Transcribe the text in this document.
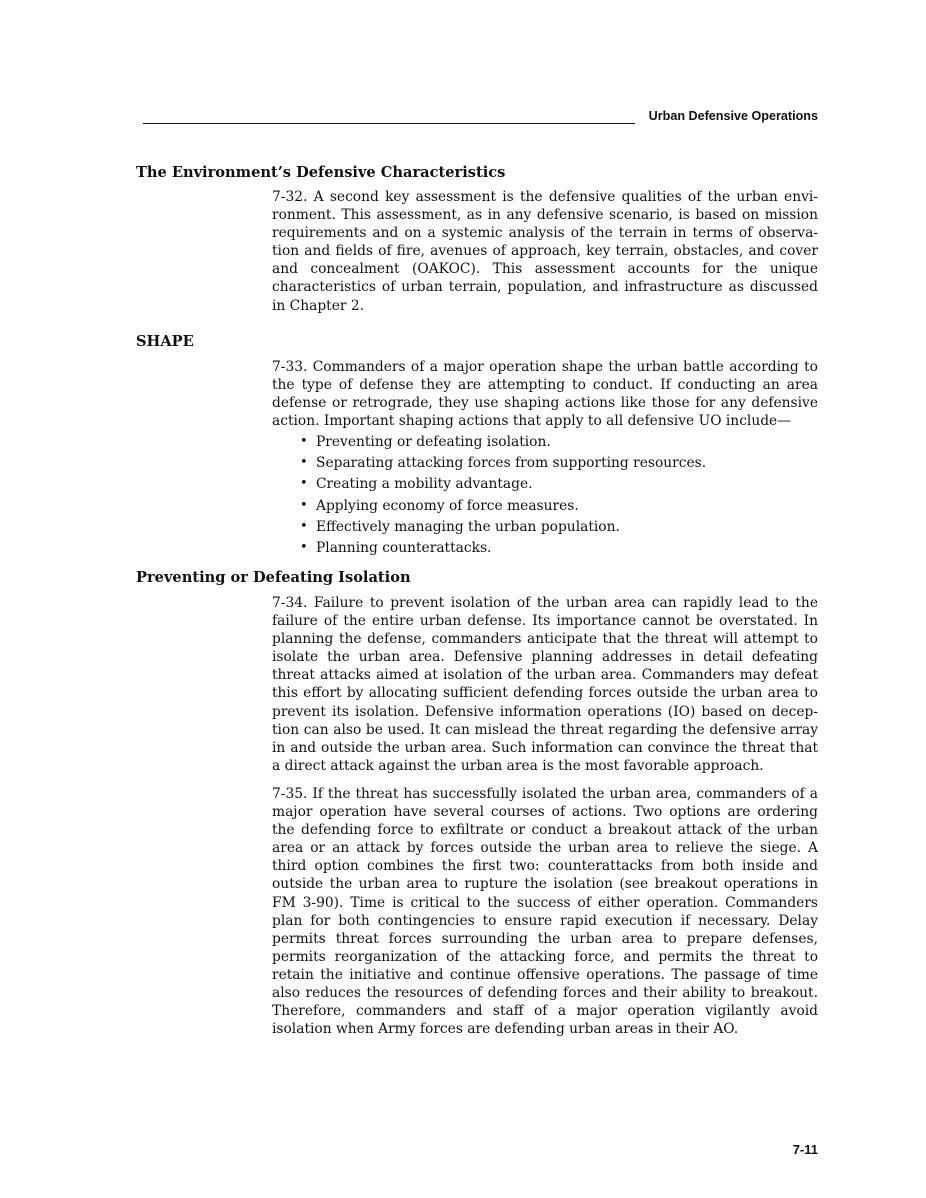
Urban Defensive Operations
The Environment’s Defensive Characteristics

7-32. A second key assessment is the defensive qualities of the urban environment. This assessment, as in any defensive scenario, is based on mission requirements and on a systemic analysis of the terrain in terms of observation and fields of fire, avenues of approach, key terrain, obstacles, and cover and concealment (OAKOC). This assessment accounts for the unique characteristics of urban terrain, population, and infrastructure as discussed in Chapter 2.

SHAPE

7-33. Commanders of a major operation shape the urban battle according to the type of defense they are attempting to conduct. If conducting an area defense or retrograde, they use shaping actions like those for any defensive action. Important shaping actions that apply to all defensive UO include—

• Preventing or defeating isolation.
• Separating attacking forces from supporting resources.
• Creating a mobility advantage.
• Applying economy of force measures.
• Effectively managing the urban population.
• Planning counterattacks.
Preventing or Defeating Isolation

7-34. Failure to prevent isolation of the urban area can rapidly lead to the failure of the entire urban defense. Its importance cannot be overstated. In planning the defense, commanders anticipate that the threat will attempt to isolate the urban area. Defensive planning addresses in detail defeating threat attacks aimed at isolation of the urban area. Commanders may defeat this effort by allocating sufficient defending forces outside the urban area to prevent its isolation. Defensive information operations (IO) based on deception can also be used. It can mislead the threat regarding the defensive array in and outside the urban area. Such information can convince the threat that a direct attack against the urban area is the most favorable approach.

7-35. If the threat has successfully isolated the urban area, commanders of a major operation have several courses of actions. Two options are ordering the defending force to exfiltrate or conduct a breakout attack of the urban area or an attack by forces outside the urban area to relieve the siege. A third option combines the first two: counterattacks from both inside and outside the urban area to rupture the isolation (see breakout operations in FM 3-90). Time is critical to the success of either operation. Commanders plan for both contingencies to ensure rapid execution if necessary. Delay permits threat forces surrounding the urban area to prepare defenses, permits reorganization of the attacking force, and permits the threat to retain the initiative and continue offensive operations. The passage of time also reduces the resources of defending forces and their ability to breakout. Therefore, commanders and staff of a major operation vigilantly avoid isolation when Army forces are defending urban areas in their AO.

7-11
